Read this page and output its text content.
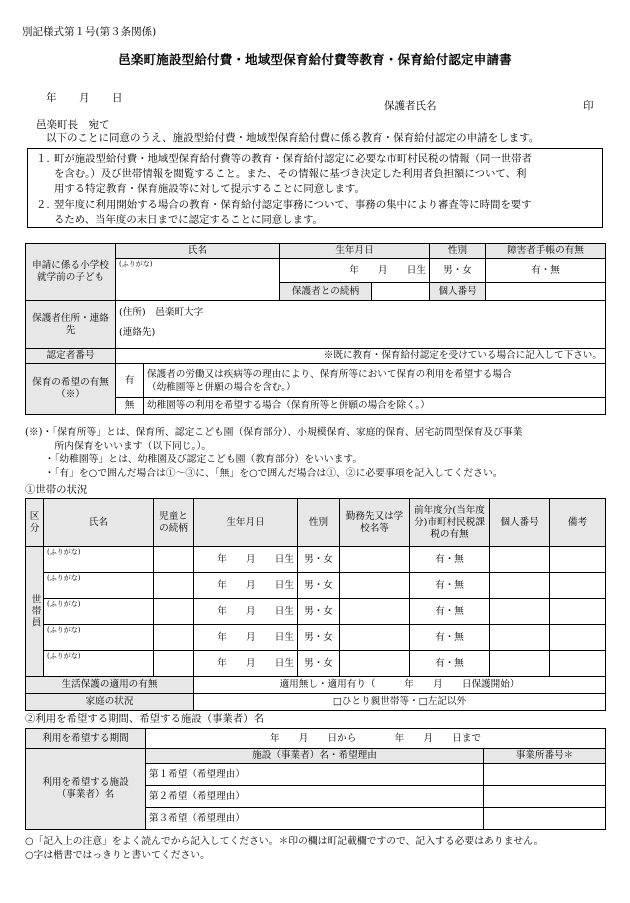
別記様式第１号(第３条関係)
邑楽町施設型給付費・地域型保育給付費等教育・保育給付認定申請書
年　　月　　日
保護者氏名	印
邑楽町長　宛て
以下のことに同意のうえ、施設型給付費・地域型保育給付費に係る教育・保育給付認定の申請をします。
１. 町が施設型給付費・地域型保育給付費等の教育・保育給付認定に必要な市町村民税の情報（同一世帯者
を含む。）及び世帯情報を閲覧すること。また、その情報に基づき決定した利用者負担額について、利
用する特定教育・保育施設等に対して提示することに同意します。
２. 翌年度に利用開始する場合の教育・保育給付認定事務について、事務の集中により審査等に時間を要す
るため、当年度の末日までに認定することに同意します。
申請に係る小学校就学前の子ども	氏名		生年月日		性別	障害者手帳の有無
	(ふりがな)		年　　月　　日生		男・女	有・無
			保護者との続柄		個人番号	
保護者住所・連絡先	(住所)　邑楽町大字
(連絡先)					

認定者番号	※既に教育・保育給付認定を受けている場合に記入して下さい。					
保育の希望の有無（※）	有	保護者の労働又は疾病等の理由により、保育所等において保育の利用を希望する場合
（幼稚園等と併願の場合を含む。）				
	無	幼稚園等の利用を希望する場合（保育所等と併願の場合を除く。）				
(※)・「保育所等」とは、保育所、認定こども園（保育部分）、小規模保育、家庭的保育、居宅訪問型保育及び事業
　　　所内保育をいいます（以下同じ。）。
　　・「幼稚園等」とは、幼稚園及び認定こども園（教育部分）をいいます。
　　・「有」を○で囲んだ場合は①～③に、「無」を○で囲んだ場合は①、②に必要事項を記入してください。
①世帯の状況
区分	氏名	児童との続柄	生年月日	性別	勤務先又は学校名等	前年度分(当年度分)市町村民税課税の有無	個人番号	備考
世帯員	(ふりがな)		年　　月　　日生	男・女		有・無		
	(ふりがな)		年　　月　　日生	男・女		有・無		
	(ふりがな)		年　　月　　日生	男・女		有・無		
	(ふりがな)		年　　月　　日生	男・女		有・無		
	(ふりがな)		年　　月　　日生	男・女		有・無		
生活保護の適用の有無			適用無し・適用有り（　　　年　　月　　日保護開始）					
家庭の状況			□ひとり親世帯等・□左記以外					
②利用を希望する期間、希望する施設（事業者）名
利用を希望する期間	年　　月　　日から　　　　年　　月　　日まで	
利用を希望する施設（事業者）名	施設（事業者）名・希望理由	事業所番号＊
	第１希望（希望理由）	
	第２希望（希望理由）	
	第３希望（希望理由）	
○「記入上の注意」をよく読んでから記入してください。＊印の欄は町記載欄ですので、記入する必要はありません。
○字は楷書ではっきりと書いてください。
